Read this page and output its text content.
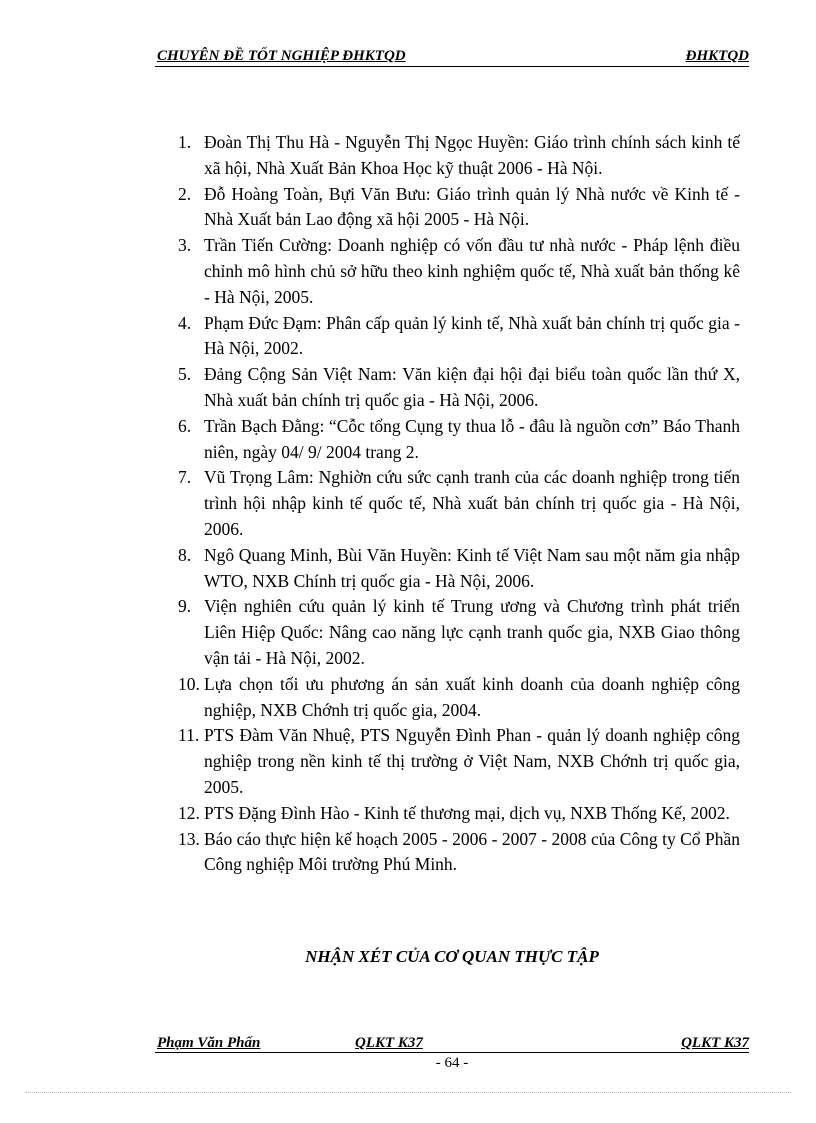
CHUYÊN ĐỀ TỐT NGHIỆP ĐHKTQD	ĐHKTQD
1. Đoàn Thị Thu Hà - Nguyễn Thị Ngọc Huyền: Giáo trình chính sách kinh tế xã hội, Nhà Xuất Bản Khoa Học kỹ thuật 2006 - Hà Nội.
2. Đỗ Hoàng Toàn, Bựi Văn Bưu: Giáo trình quản lý Nhà nước về Kinh tế - Nhà Xuất bản Lao động xã hội 2005 - Hà Nội.
3. Trần Tiến Cường: Doanh nghiệp có vốn đầu tư nhà nước - Pháp lệnh điều chỉnh mô hình chủ sở hữu theo kinh nghiệm quốc tế, Nhà xuất bản thống kê - Hà Nội, 2005.
4. Phạm Đức Đạm: Phân cấp quản lý kinh tế, Nhà xuất bản chính trị quốc gia - Hà Nội, 2002.
5. Đảng Cộng Sản Việt Nam: Văn kiện đại hội đại biểu toàn quốc lần thứ X, Nhà xuất bản chính trị quốc gia - Hà Nội, 2006.
6. Trần Bạch Đằng: “Cỗc tổng Cụng ty thua lỗ - đâu là nguồn cơn” Báo Thanh niên, ngày 04/ 9/ 2004 trang 2.
7. Vũ Trọng Lâm: Nghiờn cứu sức cạnh tranh của các doanh nghiệp trong tiến trình hội nhập kinh tế quốc tế, Nhà xuất bản chính trị quốc gia - Hà Nội, 2006.
8. Ngô Quang Minh, Bùi Văn Huyền: Kinh tế Việt Nam sau một năm gia nhập WTO, NXB Chính trị quốc gia - Hà Nội, 2006.
9. Viện nghiên cứu quản lý kinh tế Trung ương và Chương trình phát triển Liên Hiệp Quốc: Nâng cao năng lực cạnh tranh quốc gia, NXB Giao thông vận tải - Hà Nội, 2002.
10. Lựa chọn tối ưu phương án sản xuất kinh doanh của doanh nghiệp công nghiệp, NXB Chớnh trị quốc gia, 2004.
11. PTS Đàm Văn Nhuệ, PTS Nguyễn Đình Phan - quản lý doanh nghiệp công nghiệp trong nền kinh tế thị trường ở Việt Nam, NXB Chớnh trị quốc gia, 2005.
12. PTS Đặng Đình Hào - Kinh tế thương mại, dịch vụ, NXB Thống Kế, 2002.
13. Báo cáo thực hiện kế hoạch 2005 - 2006 - 2007 - 2008 của Công ty Cổ Phần Công nghiệp Môi trường Phú Minh.
NHẬN XÉT CỦA CƠ QUAN THỰC TẬP
Phạm Văn Phấn	QLKT K37	QLKT K37
- 64 -
